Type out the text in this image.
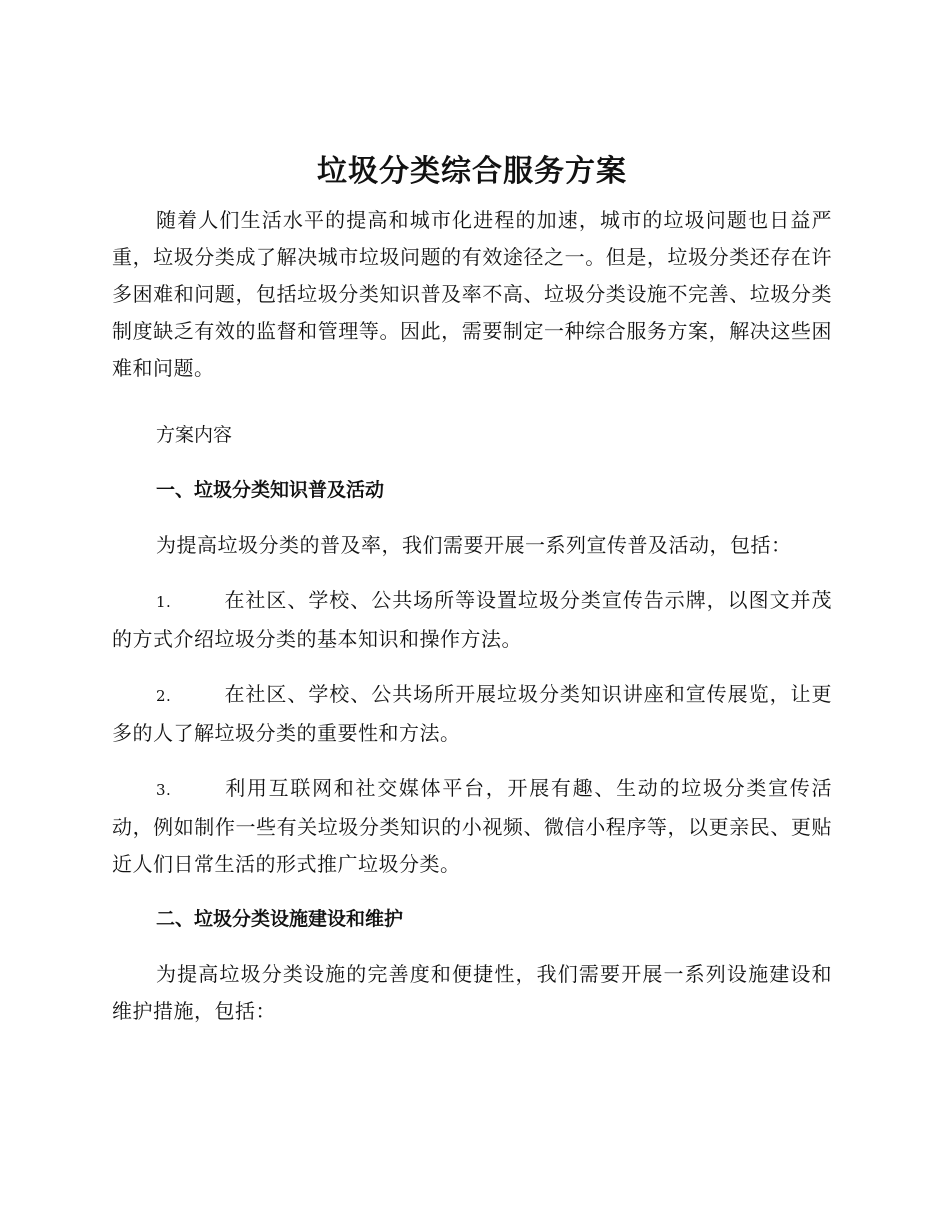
垃圾分类综合服务方案

随着人们生活水平的提高和城市化进程的加速，城市的垃圾问题也日益严重，垃圾分类成了解决城市垃圾问题的有效途径之一。但是，垃圾分类还存在许多困难和问题，包括垃圾分类知识普及率不高、垃圾分类设施不完善、垃圾分类制度缺乏有效的监督和管理等。因此，需要制定一种综合服务方案，解决这些困难和问题。

方案内容
一、垃圾分类知识普及活动

为提高垃圾分类的普及率，我们需要开展一系列宣传普及活动，包括：

1.	在社区、学校、公共场所等设置垃圾分类宣传告示牌，以图文并茂的方式介绍垃圾分类的基本知识和操作方法。

2.	在社区、学校、公共场所开展垃圾分类知识讲座和宣传展览，让更多的人了解垃圾分类的重要性和方法。

3.	利用互联网和社交媒体平台，开展有趣、生动的垃圾分类宣传活动，例如制作一些有关垃圾分类知识的小视频、微信小程序等，以更亲民、更贴近人们日常生活的形式推广垃圾分类。

二、垃圾分类设施建设和维护

为提高垃圾分类设施的完善度和便捷性，我们需要开展一系列设施建设和维护措施，包括：
